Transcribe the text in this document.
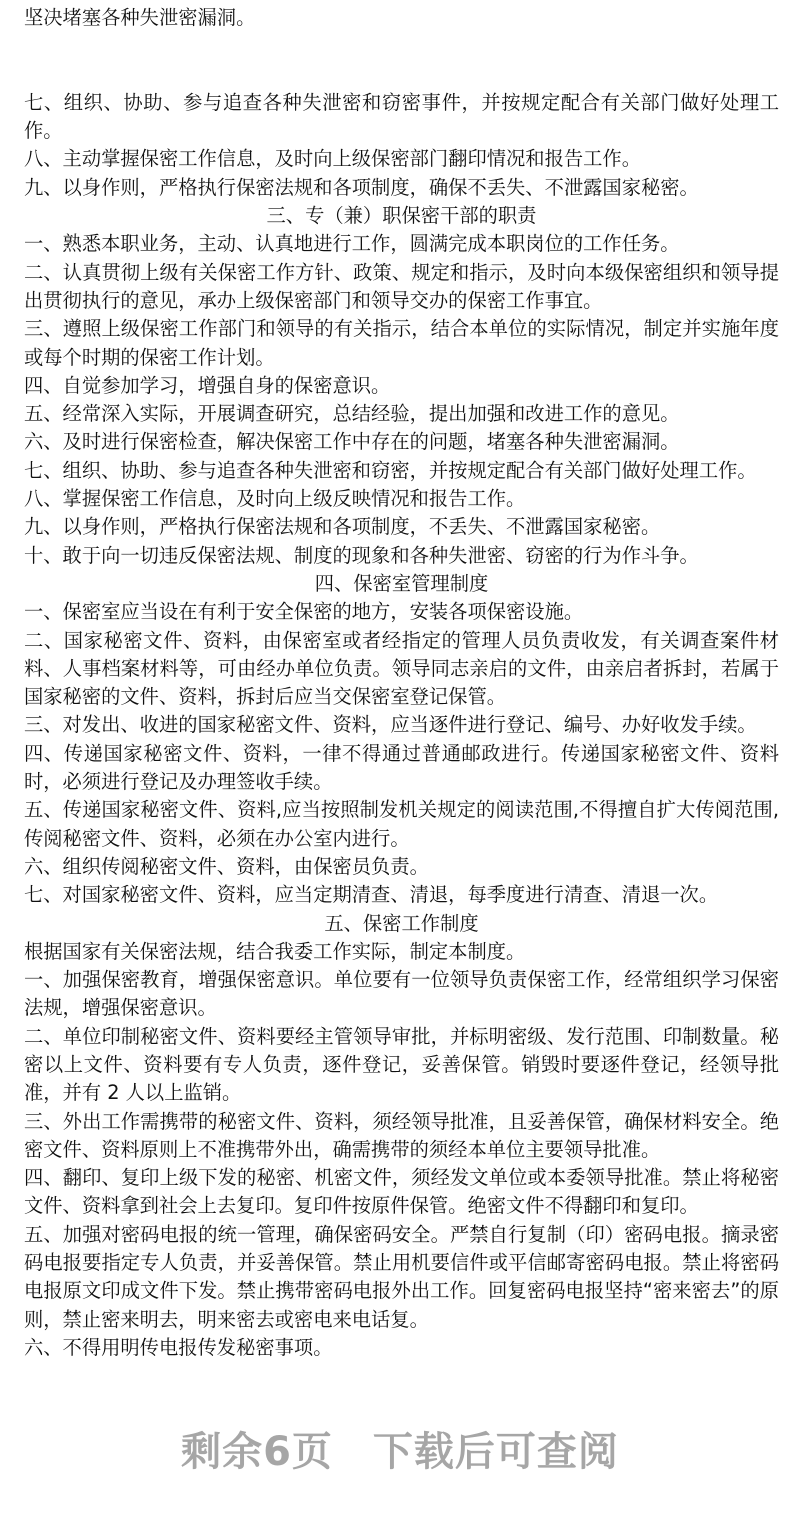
坚决堵塞各种失泄密漏洞。

七、组织、协助、参与追查各种失泄密和窃密事件，并按规定配合有关部门做好处理工作。

八、主动掌握保密工作信息，及时向上级保密部门翻印情况和报告工作。

九、以身作则，严格执行保密法规和各项制度，确保不丢失、不泄露国家秘密。

三、专（兼）职保密干部的职责

一、熟悉本职业务，主动、认真地进行工作，圆满完成本职岗位的工作任务。

二、认真贯彻上级有关保密工作方针、政策、规定和指示，及时向本级保密组织和领导提出贯彻执行的意见，承办上级保密部门和领导交办的保密工作事宜。

三、遵照上级保密工作部门和领导的有关指示，结合本单位的实际情况，制定并实施年度或每个时期的保密工作计划。

四、自觉参加学习，增强自身的保密意识。

五、经常深入实际，开展调查研究，总结经验，提出加强和改进工作的意见。

六、及时进行保密检查，解决保密工作中存在的问题，堵塞各种失泄密漏洞。

七、组织、协助、参与追查各种失泄密和窃密，并按规定配合有关部门做好处理工作。

八、掌握保密工作信息，及时向上级反映情况和报告工作。

九、以身作则，严格执行保密法规和各项制度，不丢失、不泄露国家秘密。

十、敢于向一切违反保密法规、制度的现象和各种失泄密、窃密的行为作斗争。

四、保密室管理制度

一、保密室应当设在有利于安全保密的地方，安装各项保密设施。

二、国家秘密文件、资料，由保密室或者经指定的管理人员负责收发，有关调查案件材料、人事档案材料等，可由经办单位负责。领导同志亲启的文件，由亲启者拆封，若属于国家秘密的文件、资料，拆封后应当交保密室登记保管。

三、对发出、收进的国家秘密文件、资料，应当逐件进行登记、编号、办好收发手续。

四、传递国家秘密文件、资料，一律不得通过普通邮政进行。传递国家秘密文件、资料时，必须进行登记及办理签收手续。

五、传递国家秘密文件、资料,应当按照制发机关规定的阅读范围,不得擅自扩大传阅范围,传阅秘密文件、资料，必须在办公室内进行。

六、组织传阅秘密文件、资料，由保密员负责。

七、对国家秘密文件、资料，应当定期清查、清退，每季度进行清查、清退一次。

五、保密工作制度

根据国家有关保密法规，结合我委工作实际，制定本制度。

一、加强保密教育，增强保密意识。单位要有一位领导负责保密工作，经常组织学习保密法规，增强保密意识。

二、单位印制秘密文件、资料要经主管领导审批，并标明密级、发行范围、印制数量。秘密以上文件、资料要有专人负责，逐件登记，妥善保管。销毁时要逐件登记，经领导批准，并有 2 人以上监销。

三、外出工作需携带的秘密文件、资料，须经领导批准，且妥善保管，确保材料安全。绝密文件、资料原则上不准携带外出，确需携带的须经本单位主要领导批准。

四、翻印、复印上级下发的秘密、机密文件，须经发文单位或本委领导批准。禁止将秘密文件、资料拿到社会上去复印。复印件按原件保管。绝密文件不得翻印和复印。

五、加强对密码电报的统一管理，确保密码安全。严禁自行复制（印）密码电报。摘录密码电报要指定专人负责，并妥善保管。禁止用机要信件或平信邮寄密码电报。禁止将密码电报原文印成文件下发。禁止携带密码电报外出工作。回复密码电报坚持“密来密去”的原则，禁止密来明去，明来密去或密电来电话复。

六、不得用明传电报传发秘密事项。

剩余6页 下载后可查阅
